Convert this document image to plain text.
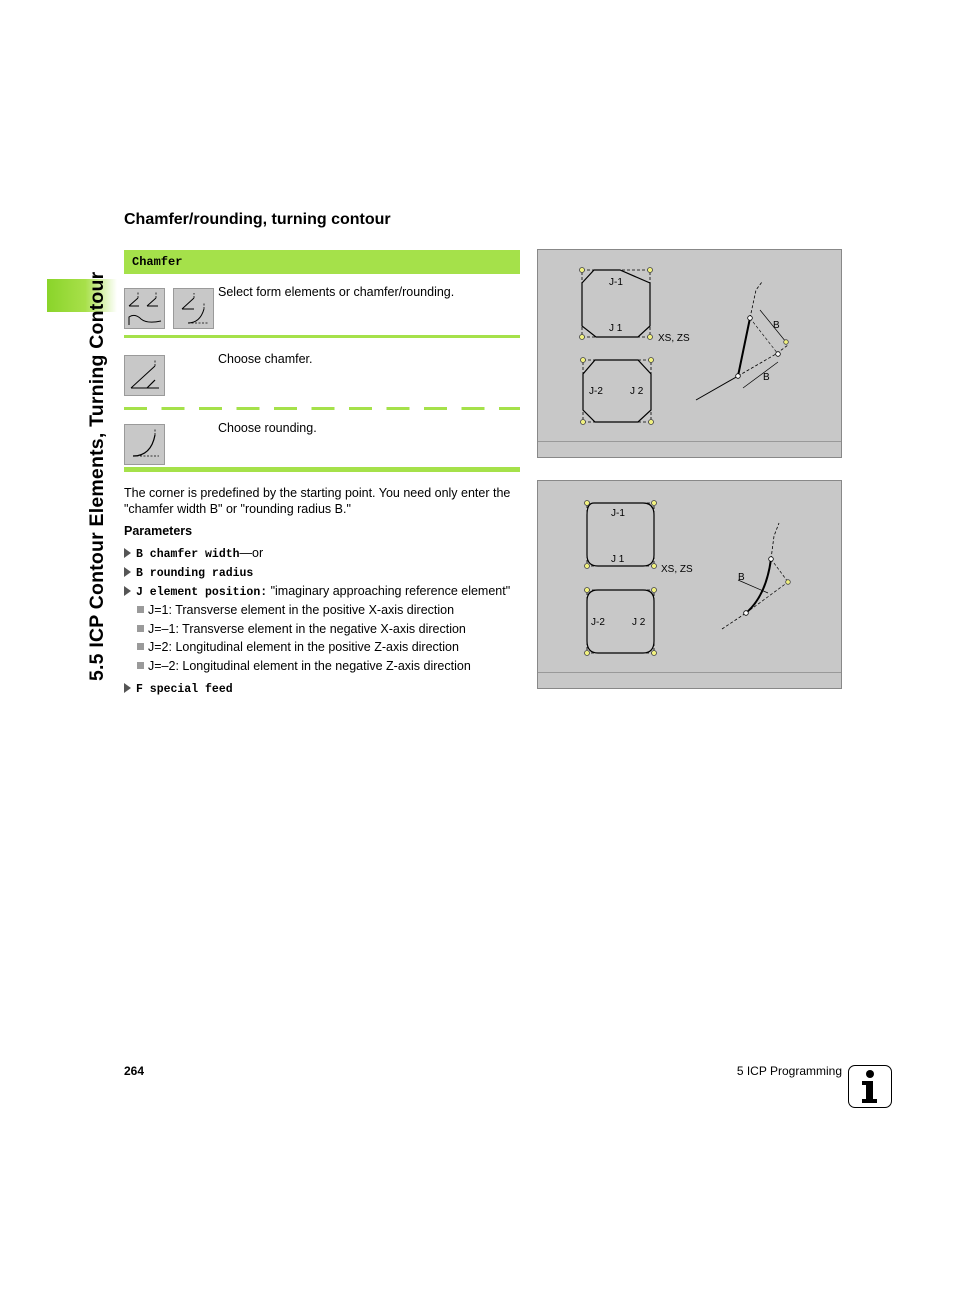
5.5 ICP Contour Elements, Turning Contour
Chamfer/rounding, turning contour
Chamfer
Select form elements or chamfer/rounding.
Choose chamfer.
Choose rounding.
The corner is predefined by the starting point. You need only enter the "chamfer width B" or "rounding radius B."
Parameters
B chamfer width—or
B rounding radius
J element position: "imaginary approaching reference element"
J=1: Transverse element in the positive X-axis direction
J=–1: Transverse element in the negative X-axis direction
J=2: Longitudinal element in the positive Z-axis direction
J=–2: Longitudinal element in the negative Z-axis direction
F special feed
J-1
J 1
J-2	J 2
XS, ZS
B
B
J-1
J 1
J-2	J 2
XS, ZS
B
264	5 ICP Programming
